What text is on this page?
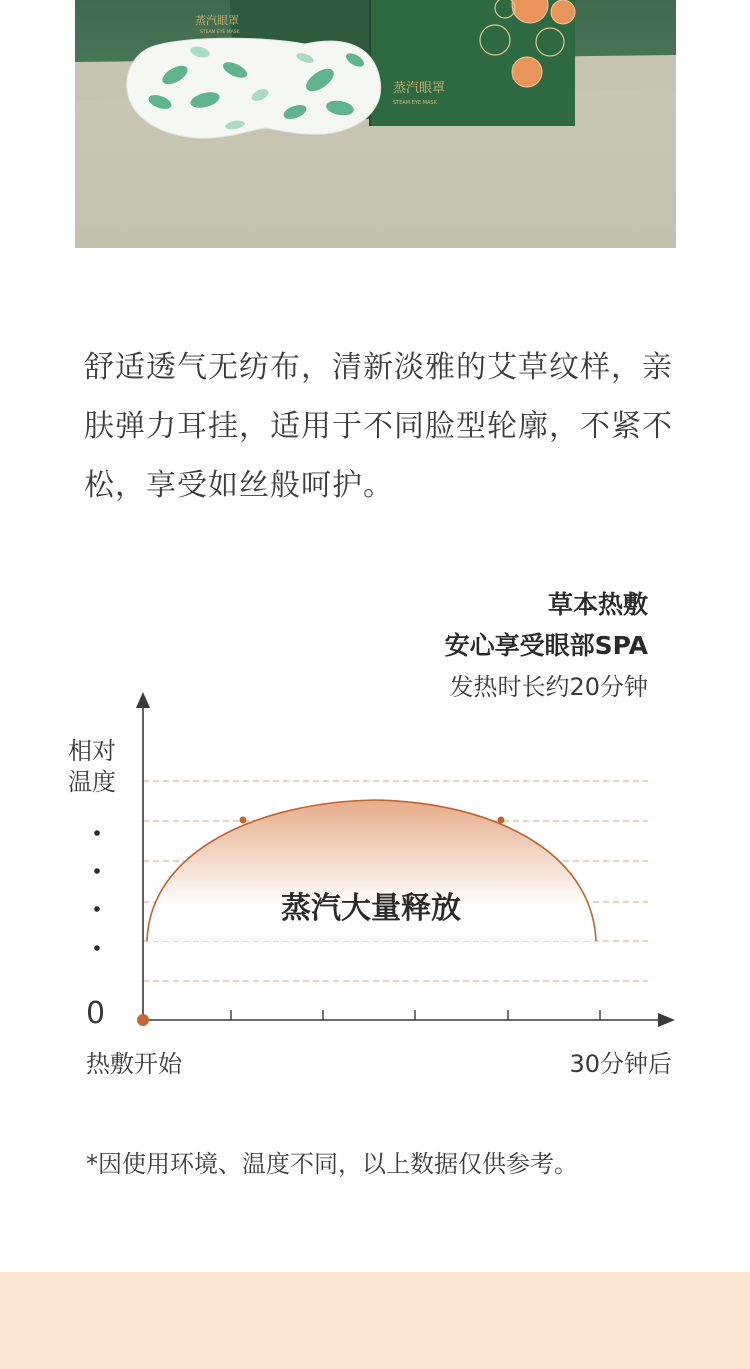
蒸汽眼罩
STEAM EYE MASK
蒸汽眼罩
STEAM EYE MASK

舒适透气无纺布，清新淡雅的艾草纹样，亲
肤弹力耳挂，适用于不同脸型轮廓，不紧不
松，享受如丝般呵护。

草本热敷
安心享受眼部SPA
发热时长约20分钟
相对
温度
0
蒸汽大量释放
热敷开始	30分钟后
*因使用环境、温度不同，以上数据仅供参考。
